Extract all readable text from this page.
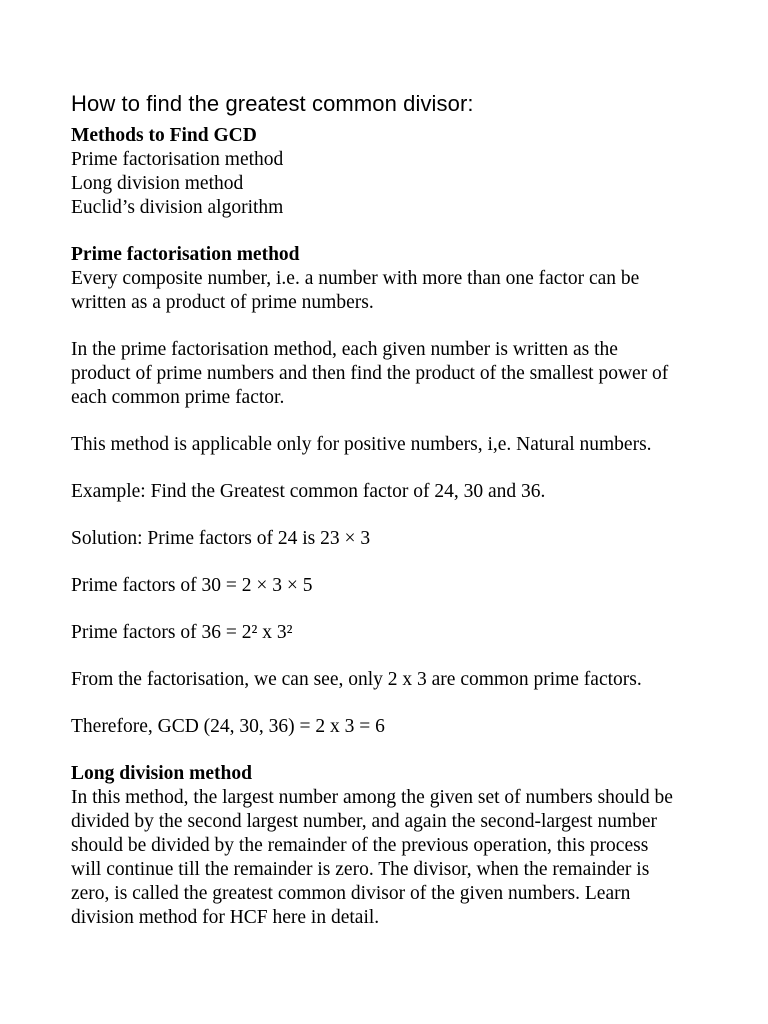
How to find the greatest common divisor:
Methods to Find GCD
Prime factorisation method
Long division method
Euclid’s division algorithm
Prime factorisation method
Every composite number, i.e. a number with more than one factor can be
written as a product of prime numbers.
In the prime factorisation method, each given number is written as the
product of prime numbers and then find the product of the smallest power of
each common prime factor.
This method is applicable only for positive numbers, i,e. Natural numbers.
Example: Find the Greatest common factor of 24, 30 and 36.
Solution: Prime factors of 24 is 23 × 3
Prime factors of 30 = 2 × 3 × 5
Prime factors of 36 = 2² x 3²
From the factorisation, we can see, only 2 x 3 are common prime factors.
Therefore, GCD (24, 30, 36) = 2 x 3 = 6
Long division method
In this method, the largest number among the given set of numbers should be
divided by the second largest number, and again the second-largest number
should be divided by the remainder of the previous operation, this process
will continue till the remainder is zero. The divisor, when the remainder is
zero, is called the greatest common divisor of the given numbers. Learn
division method for HCF here in detail.
